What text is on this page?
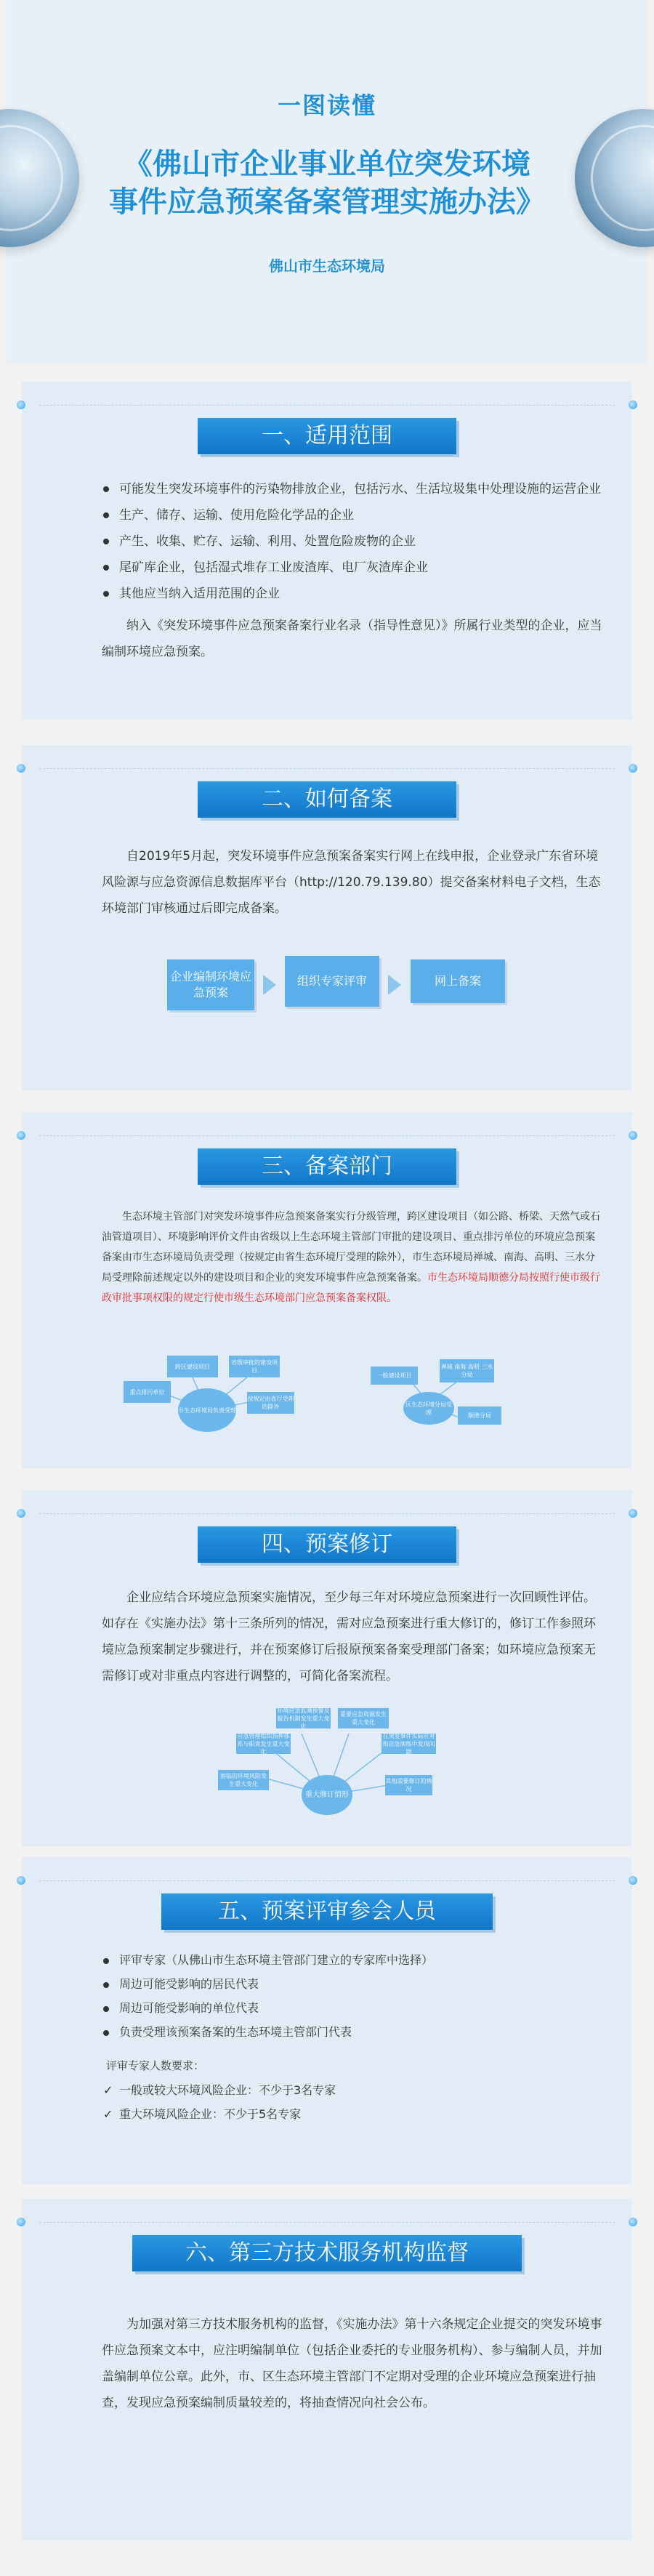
一图读懂
《佛山市企业事业单位突发环境
事件应急预案备案管理实施办法》
佛山市生态环境局
一、适用范围
可能发生突发环境事件的污染物排放企业，包括污水、生活垃圾集中处理设施的运营企业
生产、储存、运输、使用危险化学品的企业
产生、收集、贮存、运输、利用、处置危险废物的企业
尾矿库企业，包括湿式堆存工业废渣库、电厂灰渣库企业
其他应当纳入适用范围的企业

纳入《突发环境事件应急预案备案行业名录（指导性意见）》所属行业类型的企业，应当编制环境应急预案。

二、如何备案

自2019年5月起，突发环境事件应急预案备案实行网上在线申报，企业登录广东省环境风险源与应急资源信息数据库平台（http://120.79.139.80）提交备案材料电子文档，生态环境部门审核通过后即完成备案。

企业编制环境应急预案
组织专家评审	网上备案
三、备案部门

生态环境主管部门对突发环境事件应急预案备案实行分级管理，跨区建设项目（如公路、桥梁、天然气或石油管道项目）、环境影响评价文件由省级以上生态环境主管部门审批的建设项目、重点排污单位的环境应急预案备案由市生态环境局负责受理（按规定由省生态环境厅受理的除外），市生态环境局禅城、南海、高明、三水分局受理除前述规定以外的建设项目和企业的突发环境事件应急预案备案。市生态环境局顺德分局按照行使市级行政审批事项权限的规定行使市级生态环境部门应急预案备案权限。

市生态环境局负责受理
重点排污单位
跨区建设项目
省级审批的建设项目
按规定由省厅受理的除外	区生态环境分局受理
一般建设项目
禅城 南海 高明 三水分局
顺德分局
四、预案修订

企业应结合环境应急预案实施情况，至少每三年对环境应急预案进行一次回顾性评估。如存在《实施办法》第十三条所列的情况，需对应急预案进行重大修订的，修订工作参照环境应急预案制定步骤进行，并在预案修订后报原预案备案受理部门备案；如环境应急预案无需修订或对非重点内容进行调整的，可简化备案流程。

重大修订情形
面临的环境风险发生重大变化
应急管理组织指挥体系与职责发生重大变化
环境应急监测预警及报告机制发生重大变化
重要应急资源发生重大变化
在突发事件实际应对和应急演练中发现问题
其他需要修订的情况
五、预案评审参会人员
评审专家（从佛山市生态环境主管部门建立的专家库中选择）
周边可能受影响的居民代表
周边可能受影响的单位代表
负责受理该预案备案的生态环境主管部门代表
评审专家人数要求：
✓ 一般或较大环境风险企业：不少于3名专家
✓ 重大环境风险企业：不少于5名专家
六、第三方技术服务机构监督

为加强对第三方技术服务机构的监督，《实施办法》第十六条规定企业提交的突发环境事件应急预案文本中，应注明编制单位（包括企业委托的专业服务机构）、参与编制人员，并加盖编制单位公章。此外，市、区生态环境主管部门不定期对受理的企业环境应急预案进行抽查，发现应急预案编制质量较差的，将抽查情况向社会公布。
